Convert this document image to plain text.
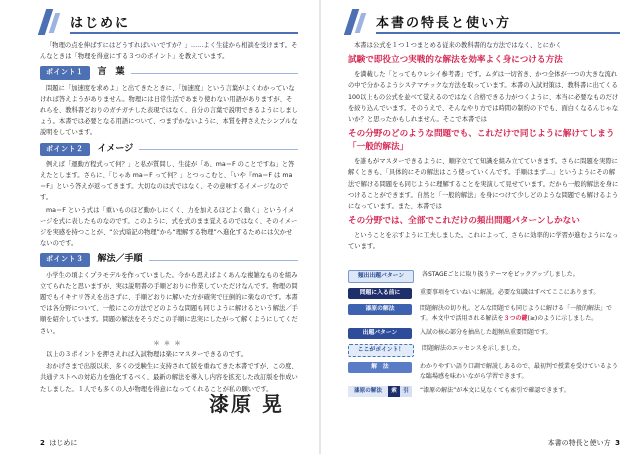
はじめに

「物理の点を伸ばすにはどうすればいいですか？」……よく生徒から相談を受けます。そんなときは「物理を得意にする３つのポイント」を教えています。

ポイント１	言　葉

問題に「加速度を求めよ」と出てきたときに、「加速度」という言葉がよくわかっていなければ答えようがありません。物理には日常生活であまり使わない用語がありますが、それらを、教科書どおりのガチガチした表現ではなく、自分の言葉で説明できるようにしましょう。本書では必要となる用語について、つまずかないように、本質を押さえたシンプルな説明をしています。

ポイント２	イメージ

例えば「運動方程式って何？」と私が質問し、生徒が「あ、ma＝F のことですね」と答えたとします。さらに、「じゃあ ma＝F って何？」とつっこむと、「いや『ma＝F は ma＝F』という答えが返ってきます。大切なのは式ではなく、その意味するイメージなのです。

ma＝F という式は「重いものほど動かしにくく、力を加えるほどよく動く」というイメージを式に表したものなのです。このように、式を式のまま覚えるのではなく、そのイメージを実感を持つことが、“公式暗記の物理”から“理解する物理”へ進化するためには欠かせないのです。

ポイント３	解法／手順

小学生の頃よくプラモデルを作っていました。今から思えばよくあんな複雑なものを組み立てられたと思いますが、実は説明書の手順どおりに作業していただけなんです。物理の問題でもイキナリ答えを出さずに、手順どおりに解いた方が確実で圧倒的に楽なのです。本書では各分野について、一般にこの方法でどのような問題も同じように解けるという解法／手順を紹介しています。問題の解法をそうだこの手順に忠実にしたがって解くようにしてください。

＊＊＊

以上の３ポイントを押さえれば入試物理は楽にマスターできるのです。

おかげさまで出版以来、多くの受験生に支持されて版を重ねてきた本書ですが、この度、共通テストへの対応力を強化するべく、最新の解法を導入し内容を拡充した改訂版を作成いたしました。１人でも多くの人が物理を得意になってくれることが私の願いです。

漆原 晃
2 はじめに
本書の特長と使い方

本書は公式を１つ１つまとめる従来の教科書的な方法ではなく、とにかく

試験で即役立つ実戦的な解法を効率よく身につける方法

を満載した「とってもウレシイ参考書」です。ムダは一切省き、かつ全体が一つの大きな流れの中で分かるようシステマチックな方法を取っています。本書の入試対策は、教科書に出てくる100以上もの公式を並べて覚えるのではなく合格できる力がつくように、本当に必要なものだけを絞り込んでいます。そのうえで、そんなやり方では時間の制約の下でも、面白くなるんじゃないか？と思ったかもしれません。そこで本書では

その分野のどのような問題でも、これだけで同じように解けてしまう「一般的解法」

を誰もがマスターできるように、順序立てて知識を組み立てていきます。さらに問題を実際に解くときも、「具体的にその解法はこう使っていくんです。手順はまず…」というようにその解法で解ける問題をも同じように理解することを実演して見せています。だから一般的解法を身につけることができます。自然と「一般的解法」を身につけて少しどのような問題でも解けるようになっています。また、本書では

その分野では、全部でこれだけの頻出問題パターンしかない

ということを示すように工夫しました。これによって、さらに効率的に学習が進むようになっています。

頻出出題パターン	各STAGEごとに取り扱うテーマをピックアップしました。
問題に入る前に	重要事項をていねいに解説。必要な知識はすべてここにあります。
漆原の解法	問題解決の切り札。どんな問題でも同じように解ける「一般的解法」です。本文中で活用される解法を３つの鍵(≥)のように示しました。
出題パターン	入試の核心部分を抽出した超頻出重要問題です。
ここがポイント！	問題解法のエッセンスを示しました。
解　法	わかりやすい語り口調で解説しあるので、最初判で授業を受けているような臨場感を味わいながら学習できます。
漆原の解法	索	引	“漆原の解法”が本文に見なくても索引で確認できます。
本書の特長と使い方 3
